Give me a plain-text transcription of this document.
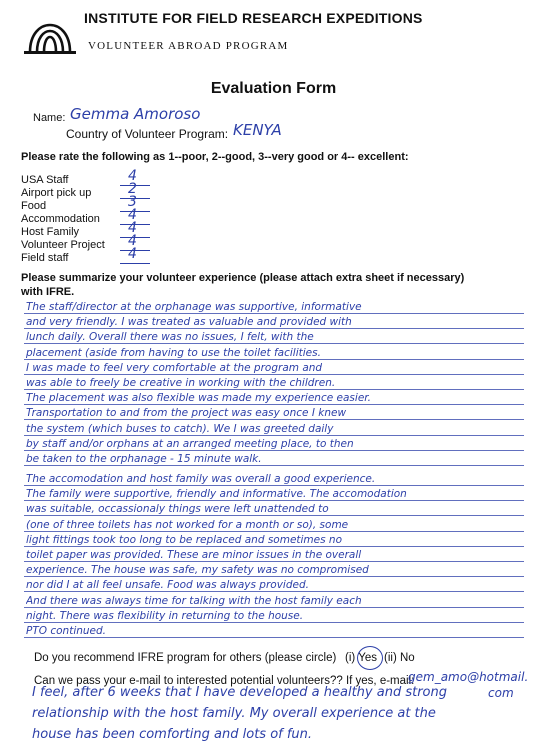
INSTITUTE FOR FIELD RESEARCH EXPEDITIONS
VOLUNTEER ABROAD PROGRAM
Evaluation Form
Name: Gemma Amoroso
Country of Volunteer Program: KENYA
Please rate the following as 1--poor, 2--good, 3--very good or 4-- excellent:
USA Staff	4
Airport pick up	2
Food	3
Accommodation 4
Host Family	4
Volunteer Project 4
Field staff	4
Please summarize your volunteer experience (please attach extra sheet if necessary)
with IFRE.
The staff/director at the orphanage was supportive, informative
and very friendly. I was treated as valuable and provided with
lunch daily. Overall there was no issues, I felt, with the
placement (aside from having to use the toilet facilities.
I was made to feel very comfortable at the program and
was able to freely be creative in working with the children.
The placement was also flexible was made my experience easier.
Transportation to and from the project was easy once I knew
the system (which buses to catch). We I was greeted daily
by staff and/or orphans at an arranged meeting place, to then
be taken to the orphanage - 15 minute walk.
The accomodation and host family was overall a good experience.
The family were supportive, friendly and informative. The accomodation
was suitable, occassionaly things were left unattended to
(one of three toilets has not worked for a month or so), some
light fittings took too long to be replaced and sometimes no
toilet paper was provided. These are minor issues in the overall
experience. The house was safe, my safety was no compromised
nor did I at all feel unsafe. Food was always provided.
And there was always time for talking with the host family each
night. There was flexibility in returning to the house.
PTO continued.
Do you recommend IFRE program for others (please circle) (i) Yes (ii) No
Can we pass your e-mail to interested potential volunteers?? If yes, e-mail:
gem_amo@hotmail.
com
I feel, after 6 weeks that I have developed a healthy and strong
relationship with the host family. My overall experience at the
house has been comforting and lots of fun.
